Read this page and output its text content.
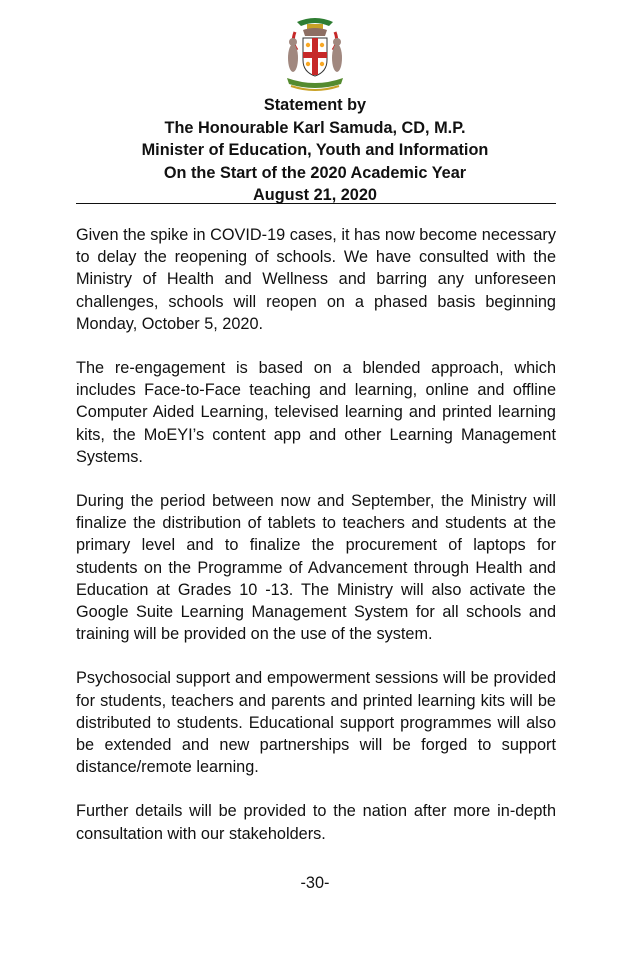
Statement by
The Honourable Karl Samuda, CD, M.P.
Minister of Education, Youth and Information
On the Start of the 2020 Academic Year
August 21, 2020

Given the spike in COVID-19 cases, it has now become necessary to delay the reopening of schools. We have consulted with the Ministry of Health and Wellness and barring any unforeseen challenges, schools will reopen on a phased basis beginning Monday, October 5, 2020.

The re-engagement is based on a blended approach, which includes Face-to-Face teaching and learning, online and offline Computer Aided Learning, televised learning and printed learning kits, the MoEYI’s content app and other Learning Management Systems.

During the period between now and September, the Ministry will finalize the distribution of tablets to teachers and students at the primary level and to finalize the procurement of laptops for students on the Programme of Advancement through Health and Education at Grades 10 -13. The Ministry will also activate the Google Suite Learning Management System for all schools and training will be provided on the use of the system.

Psychosocial support and empowerment sessions will be provided for students, teachers and parents and printed learning kits will be distributed to students. Educational support programmes will also be extended and new partnerships will be forged to support distance/remote learning.

Further details will be provided to the nation after more in-depth consultation with our stakeholders.

-30-
